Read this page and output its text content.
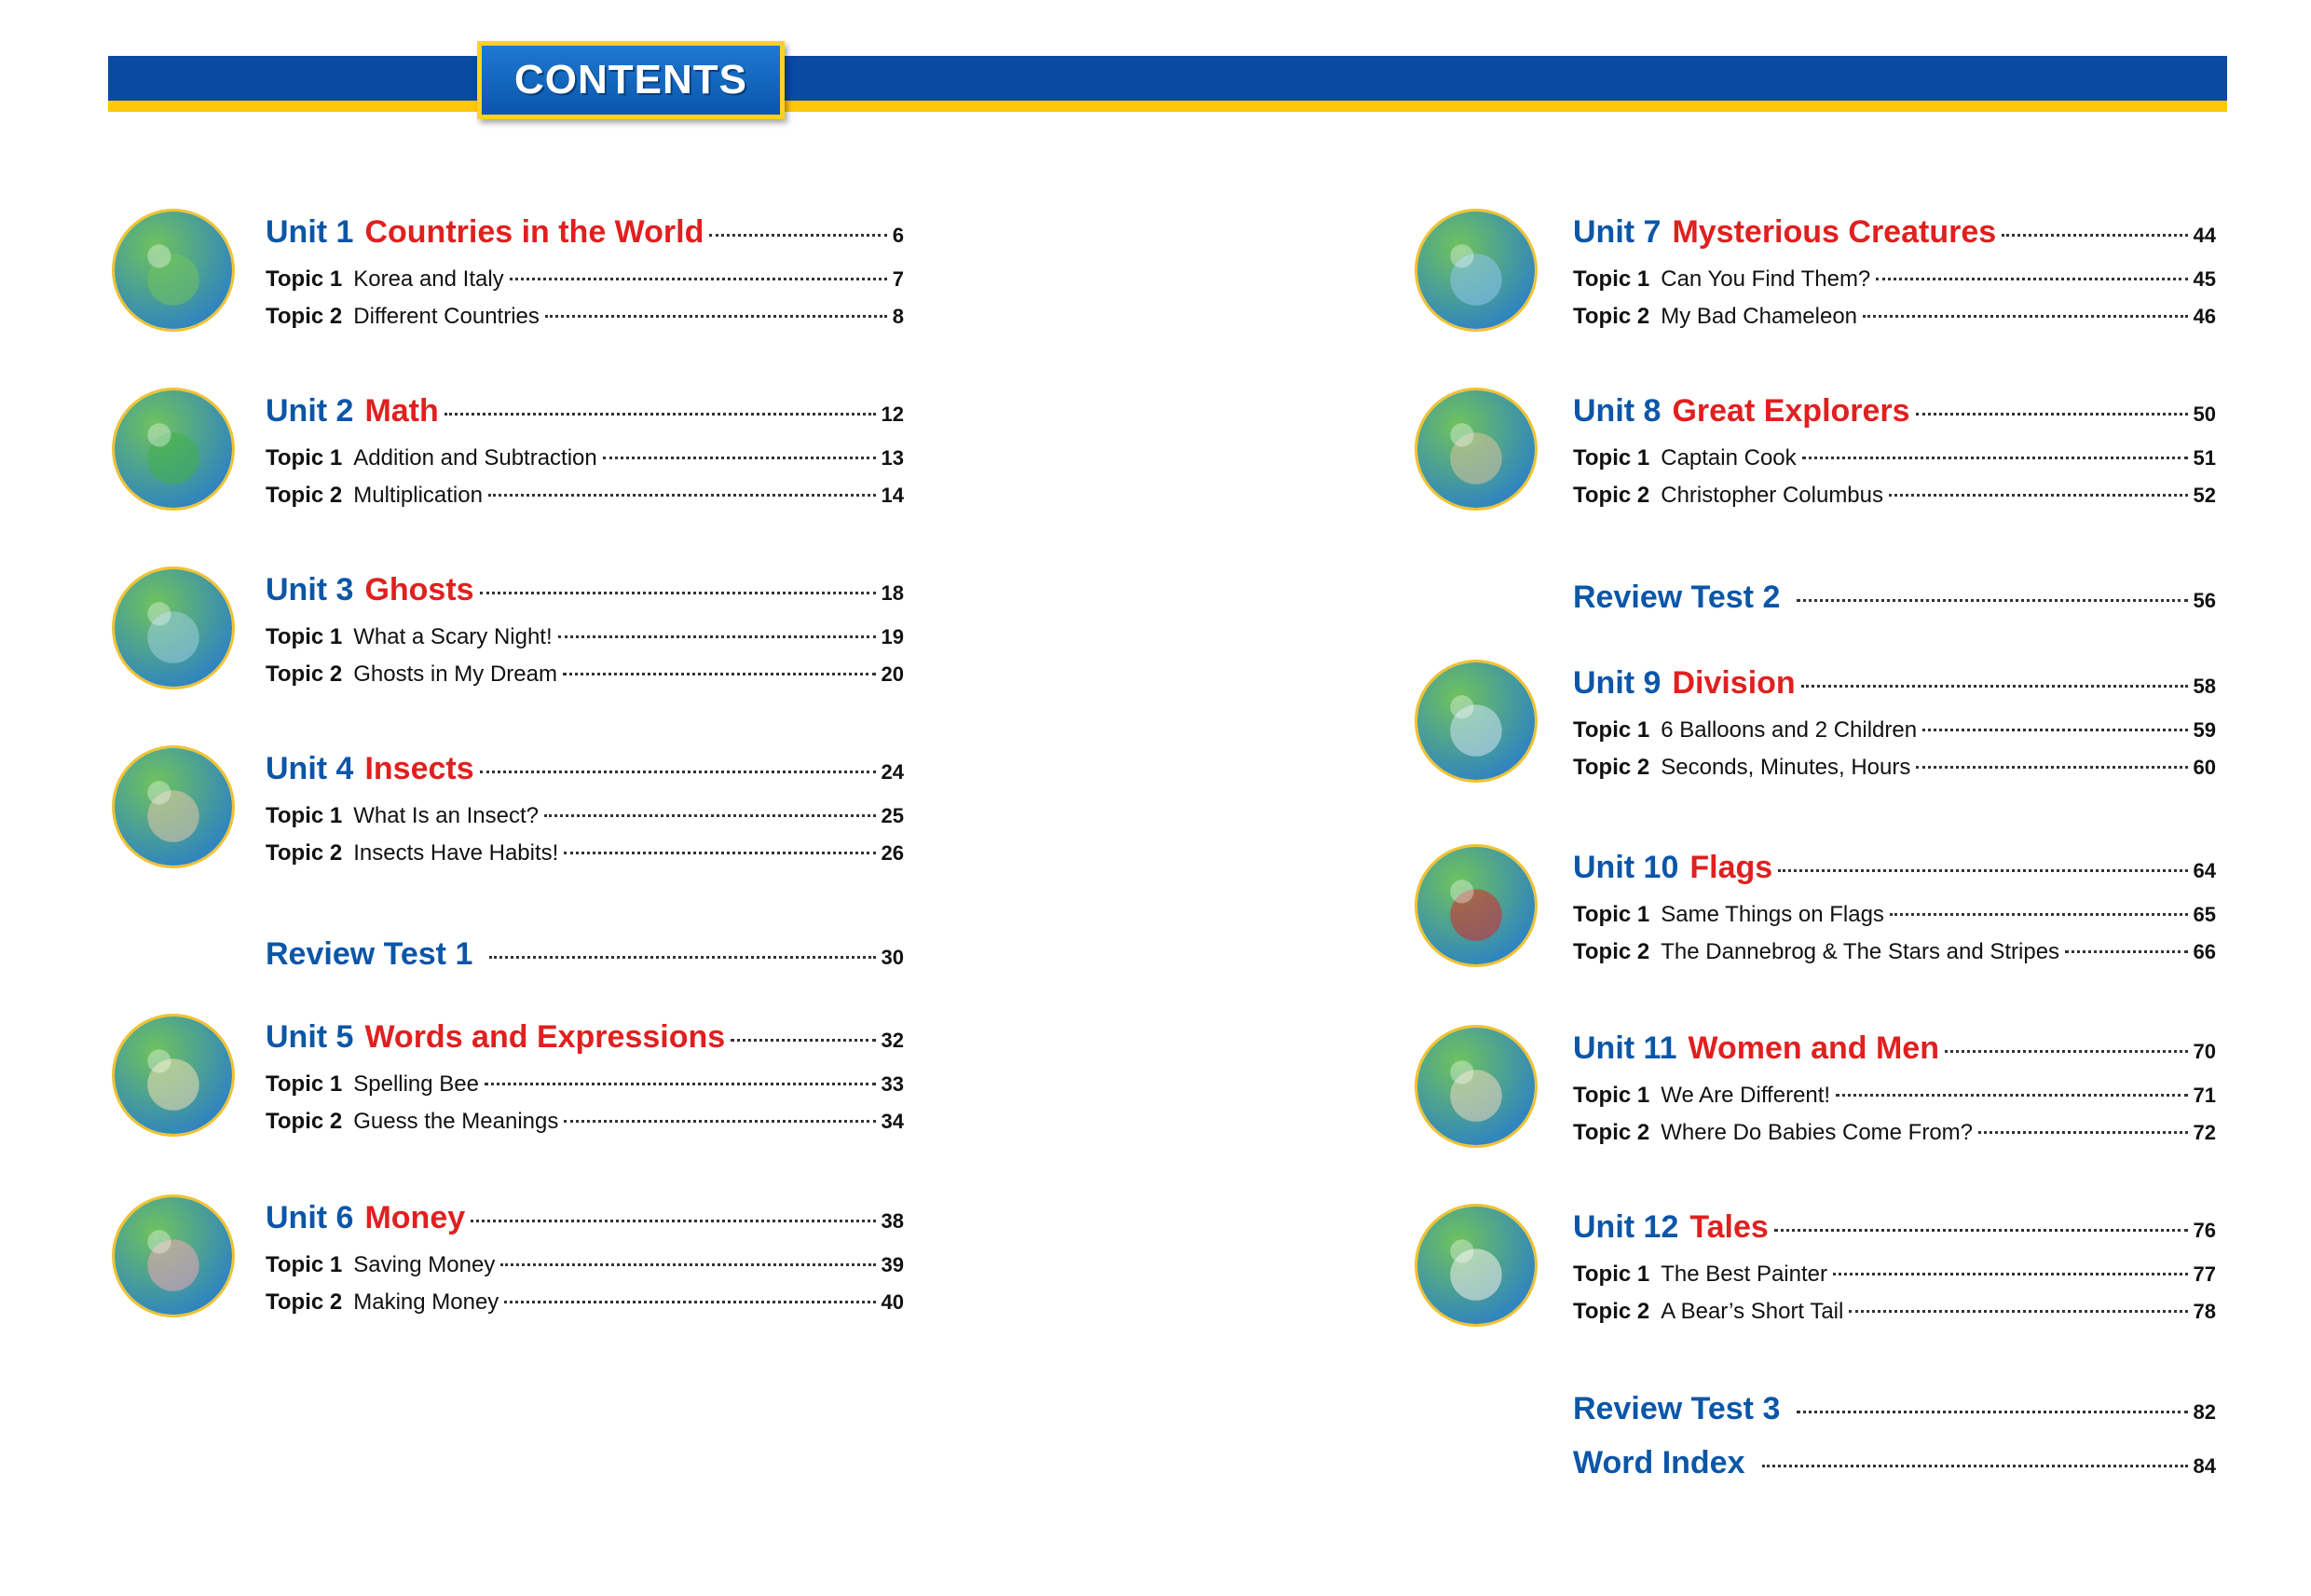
CONTENTS
Unit 1 Countries in the World	6
Topic 1 Korea and Italy	7
Topic 2 Different Countries	8
Unit 2 Math	12
Topic 1 Addition and Subtraction	13
Topic 2 Multiplication	14
Unit 3 Ghosts	18
Topic 1 What a Scary Night!	19
Topic 2 Ghosts in My Dream	20
Unit 4 Insects	24
Topic 1 What Is an Insect?	25
Topic 2 Insects Have Habits!	26
Review Test 1	30
Unit 5 Words and Expressions	32
Topic 1 Spelling Bee	33
Topic 2 Guess the Meanings	34
Unit 6 Money	38
Topic 1 Saving Money	39
Topic 2 Making Money	40
Unit 7 Mysterious Creatures	44
Topic 1 Can You Find Them?	45
Topic 2 My Bad Chameleon	46
Unit 8 Great Explorers	50
Topic 1 Captain Cook	51
Topic 2 Christopher Columbus	52
Review Test 2	56
Unit 9 Division	58
Topic 1 6 Balloons and 2 Children	59
Topic 2 Seconds, Minutes, Hours	60
Unit 10 Flags	64
Topic 1 Same Things on Flags	65
Topic 2 The Dannebrog & The Stars and Stripes	66
Unit 11 Women and Men	70
Topic 1 We Are Different!	71
Topic 2 Where Do Babies Come From?	72
Unit 12 Tales	76
Topic 1 The Best Painter	77
Topic 2 A Bear’s Short Tail	78
Review Test 3	82
Word Index	84
